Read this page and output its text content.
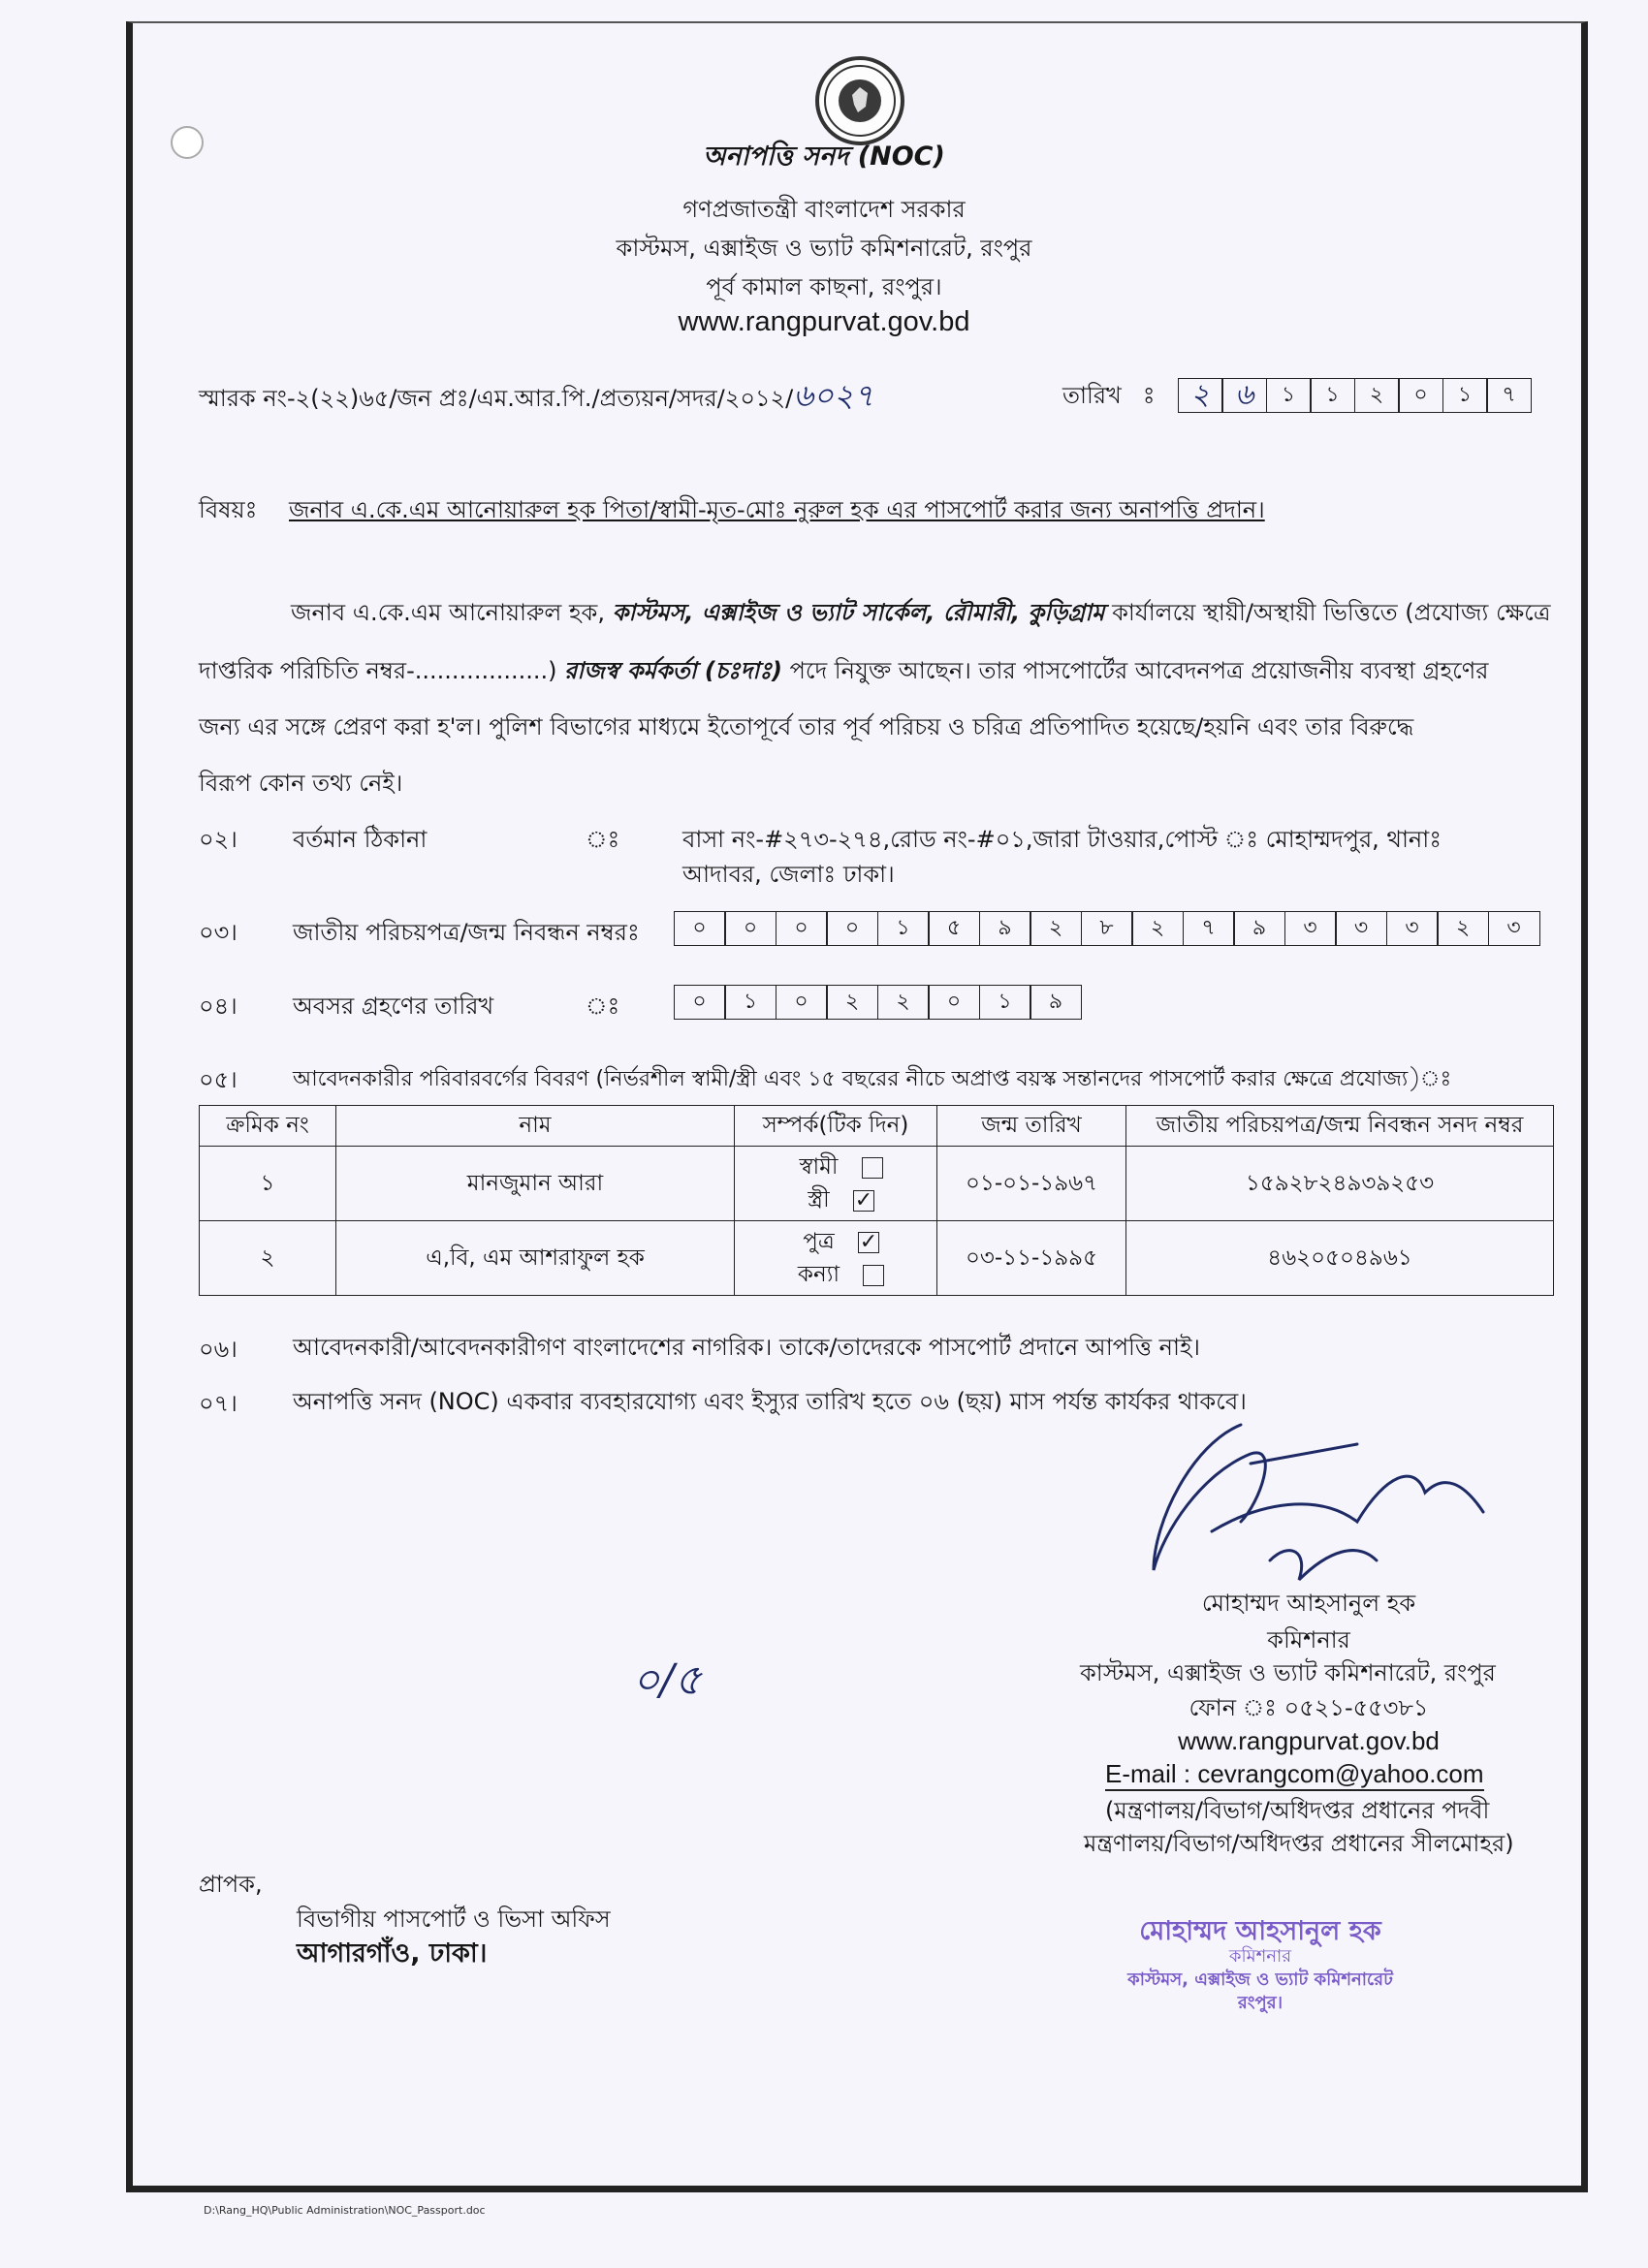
অনাপত্তি সনদ (NOC)
গণপ্রজাতন্ত্রী বাংলাদেশ সরকার
কাস্টমস, এক্সাইজ ও ভ্যাট কমিশনারেট, রংপুর
পূর্ব কামাল কাছনা, রংপুর।
www.rangpurvat.gov.bd
স্মারক নং-২(২২)৬৫/জন প্রঃ/এম.আর.পি./প্রত্যয়ন/সদর/২০১২/৬০২৭	তারিখ   ঃ	২ ৬	১	১	২	০	১	৭
বিষয়ঃ জনাব এ.কে.এম আনোয়ারুল হক পিতা/স্বামী-মৃত-মোঃ নুরুল হক এর পাসপোর্ট করার জন্য অনাপত্তি প্রদান।
জনাব এ.কে.এম আনোয়ারুল হক, কাস্টমস, এক্সাইজ ও ভ্যাট সার্কেল, রৌমারী, কুড়িগ্রাম কার্যালয়ে স্থায়ী/অস্থায়ী ভিত্তিতে (প্রযোজ্য ক্ষেত্রে
দাপ্তরিক পরিচিতি নম্বর-..................) রাজস্ব কর্মকর্তা (চঃদাঃ) পদে নিযুক্ত আছেন। তার পাসপোর্টের আবেদনপত্র প্রয়োজনীয় ব্যবস্থা গ্রহণের
জন্য এর সঙ্গে প্রেরণ করা হ'ল। পুলিশ বিভাগের মাধ্যমে ইতোপূর্বে তার পূর্ব পরিচয় ও চরিত্র প্রতিপাদিত হয়েছে/হয়নি এবং তার বিরুদ্ধে
বিরূপ কোন তথ্য নেই।
০২। বর্তমান ঠিকানা	ঃ	বাসা নং-#২৭৩-২৭৪,রোড নং-#০১,জারা টাওয়ার,পোস্ট ঃ মোহাম্মদপুর, থানাঃ
আদাবর, জেলাঃ ঢাকা।
০৩। জাতীয় পরিচয়পত্র/জন্ম নিবন্ধন নম্বরঃ	০	০	০	০	১	৫	৯	২	৮	২	৭	৯	৩	৩	৩	২	৩
০৪। অবসর গ্রহণের তারিখ	ঃ	০	১	০	২	২	০	১	৯
০৫।	আবেদনকারীর পরিবারবর্গের বিবরণ (নির্ভরশীল স্বামী/স্ত্রী এবং ১৫ বছরের নীচে অপ্রাপ্ত বয়স্ক সন্তানদের পাসপোর্ট করার ক্ষেত্রে প্রযোজ্য)ঃ
ক্রমিক নং	নাম	সম্পর্ক(টিক দিন)	জন্ম তারিখ	জাতীয় পরিচয়পত্র/জন্ম নিবন্ধন সনদ নম্বর
১	মানজুমান আরা	স্বামী
স্ত্রী✓	০১-০১-১৯৬৭	১৫৯২৮২৪৯৩৯২৫৩
২	এ,বি, এম আশরাফুল হক	পুত্র✓
কন্যা	০৩-১১-১৯৯৫	৪৬২০৫০৪৯৬১
০৬। আবেদনকারী/আবেদনকারীগণ বাংলাদেশের নাগরিক। তাকে/তাদেরকে পাসপোর্ট প্রদানে আপত্তি নাই।
০৭। অনাপত্তি সনদ (NOC) একবার ব্যবহারযোগ্য এবং ইস্যুর তারিখ হতে ০৬ (ছয়) মাস পর্যন্ত কার্যকর থাকবে।
মোহাম্মদ আহসানুল হক
কমিশনার
কাস্টমস, এক্সাইজ ও ভ্যাট কমিশনারেট, রংপুর
ফোন ঃ ০৫২১-৫৫৩৮১
www.rangpurvat.gov.bd
E-mail : cevrangcom@yahoo.com
(মন্ত্রণালয়/বিভাগ/অধিদপ্তর প্রধানের পদবী
মন্ত্রণালয়/বিভাগ/অধিদপ্তর প্রধানের সীলমোহর)
০/৫
প্রাপক,
বিভাগীয় পাসপোর্ট ও ভিসা অফিস
আগারগাঁও, ঢাকা।
মোহাম্মদ আহসানুল হক
কমিশনার
কাস্টমস, এক্সাইজ ও ভ্যাট কমিশনারেট
রংপুর।
D:\Rang_HQ\Public Administration\NOC_Passport.doc
